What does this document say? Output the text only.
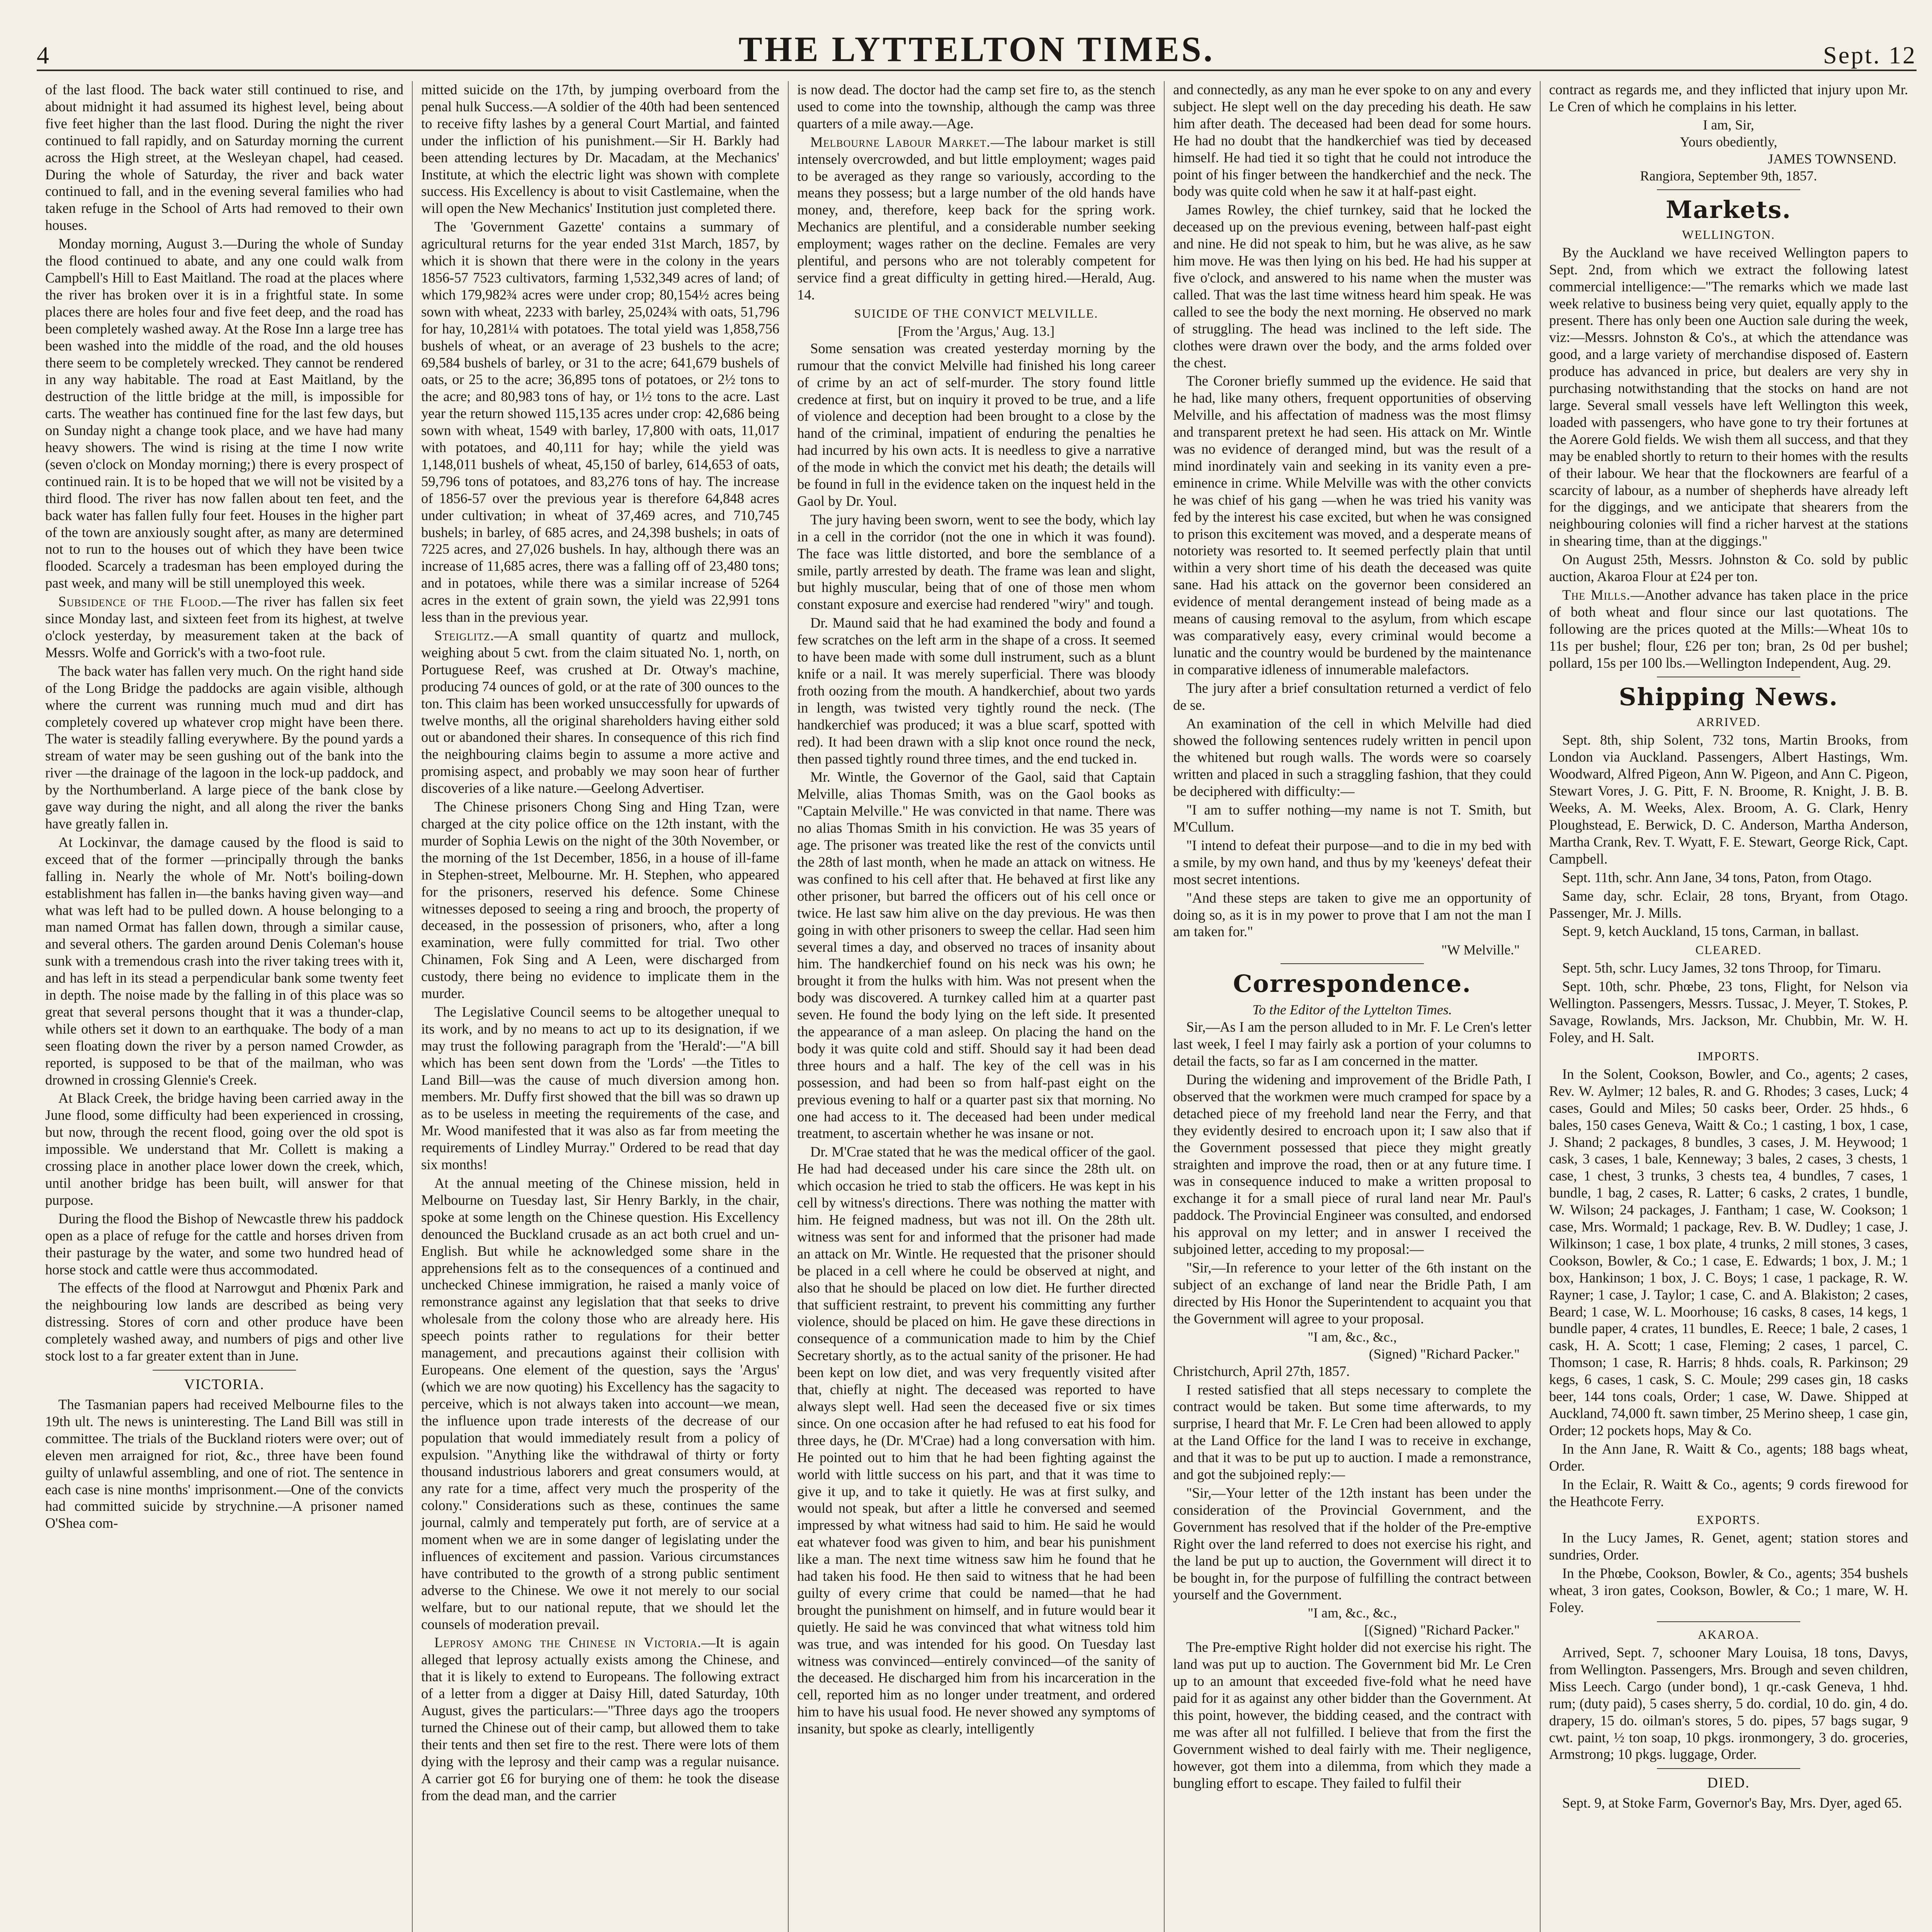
4	THE LYTTELTON TIMES.	Sept. 12

of the last flood. The back water still continued to rise, and about midnight it had assumed its highest level, being about five feet higher than the last flood. During the night the river continued to fall rapidly, and on Saturday morning the current across the High street, at the Wesleyan chapel, had ceased. During the whole of Saturday, the river and back water continued to fall, and in the evening several families who had taken refuge in the School of Arts had removed to their own houses.

Monday morning, August 3.—During the whole of Sunday the flood continued to abate, and any one could walk from Campbell's Hill to East Maitland. The road at the places where the river has broken over it is in a frightful state. In some places there are holes four and five feet deep, and the road has been completely washed away. At the Rose Inn a large tree has been washed into the middle of the road, and the old houses there seem to be completely wrecked. They cannot be rendered in any way habitable. The road at East Maitland, by the destruction of the little bridge at the mill, is impossible for carts. The weather has continued fine for the last few days, but on Sunday night a change took place, and we have had many heavy showers. The wind is rising at the time I now write (seven o'clock on Monday morning;) there is every prospect of continued rain. It is to be hoped that we will not be visited by a third flood. The river has now fallen about ten feet, and the back water has fallen fully four feet. Houses in the higher part of the town are anxiously sought after, as many are determined not to run to the houses out of which they have been twice flooded. Scarcely a tradesman has been employed during the past week, and many will be still unemployed this week.

Subsidence of the Flood.—The river has fallen six feet since Monday last, and sixteen feet from its highest, at twelve o'clock yesterday, by measurement taken at the back of Messrs. Wolfe and Gorrick's with a two-foot rule.

The back water has fallen very much. On the right hand side of the Long Bridge the paddocks are again visible, although where the current was running much mud and dirt has completely covered up whatever crop might have been there. The water is steadily falling everywhere. By the pound yards a stream of water may be seen gushing out of the bank into the river —the drainage of the lagoon in the lock-up paddock, and by the Northumberland. A large piece of the bank close by gave way during the night, and all along the river the banks have greatly fallen in.

At Lockinvar, the damage caused by the flood is said to exceed that of the former —principally through the banks falling in. Nearly the whole of Mr. Nott's boiling-down establishment has fallen in—the banks having given way—and what was left had to be pulled down. A house belonging to a man named Ormat has fallen down, through a similar cause, and several others. The garden around Denis Coleman's house sunk with a tremendous crash into the river taking trees with it, and has left in its stead a perpendicular bank some twenty feet in depth. The noise made by the falling in of this place was so great that several persons thought that it was a thunder-clap, while others set it down to an earthquake. The body of a man seen floating down the river by a person named Crowder, as reported, is supposed to be that of the mailman, who was drowned in crossing Glennie's Creek.

At Black Creek, the bridge having been carried away in the June flood, some difficulty had been experienced in crossing, but now, through the recent flood, going over the old spot is impossible. We understand that Mr. Collett is making a crossing place in another place lower down the creek, which, until another bridge has been built, will answer for that purpose.

During the flood the Bishop of Newcastle threw his paddock open as a place of refuge for the cattle and horses driven from their pasturage by the water, and some two hundred head of horse stock and cattle were thus accommodated.

The effects of the flood at Narrowgut and Phœnix Park and the neighbouring low lands are described as being very distressing. Stores of corn and other produce have been completely washed away, and numbers of pigs and other live stock lost to a far greater extent than in June.

VICTORIA.

The Tasmanian papers had received Melbourne files to the 19th ult. The news is uninteresting. The Land Bill was still in committee. The trials of the Buckland rioters were over; out of eleven men arraigned for riot, &c., three have been found guilty of unlawful assembling, and one of riot. The sentence in each case is nine months' imprisonment.—One of the convicts had committed suicide by strychnine.—A prisoner named O'Shea com-

mitted suicide on the 17th, by jumping overboard from the penal hulk Success.—A soldier of the 40th had been sentenced to receive fifty lashes by a general Court Martial, and fainted under the infliction of his punishment.—Sir H. Barkly had been attending lectures by Dr. Macadam, at the Mechanics' Institute, at which the electric light was shown with complete success. His Excellency is about to visit Castlemaine, when the will open the New Mechanics' Institution just completed there.

The 'Government Gazette' contains a summary of agricultural returns for the year ended 31st March, 1857, by which it is shown that there were in the colony in the years 1856-57 7523 cultivators, farming 1,532,349 acres of land; of which 179,982¾ acres were under crop; 80,154½ acres being sown with wheat, 2233 with barley, 25,024¾ with oats, 51,796 for hay, 10,281¼ with potatoes. The total yield was 1,858,756 bushels of wheat, or an average of 23 bushels to the acre; 69,584 bushels of barley, or 31 to the acre; 641,679 bushels of oats, or 25 to the acre; 36,895 tons of potatoes, or 2½ tons to the acre; and 80,983 tons of hay, or 1½ tons to the acre. Last year the return showed 115,135 acres under crop: 42,686 being sown with wheat, 1549 with barley, 17,800 with oats, 11,017 with potatoes, and 40,111 for hay; while the yield was 1,148,011 bushels of wheat, 45,150 of barley, 614,653 of oats, 59,796 tons of potatoes, and 83,276 tons of hay. The increase of 1856-57 over the previous year is therefore 64,848 acres under cultivation; in wheat of 37,469 acres, and 710,745 bushels; in barley, of 685 acres, and 24,398 bushels; in oats of 7225 acres, and 27,026 bushels. In hay, although there was an increase of 11,685 acres, there was a falling off of 23,480 tons; and in potatoes, while there was a similar increase of 5264 acres in the extent of grain sown, the yield was 22,991 tons less than in the previous year.

Steiglitz.—A small quantity of quartz and mullock, weighing about 5 cwt. from the claim situated No. 1, north, on Portuguese Reef, was crushed at Dr. Otway's machine, producing 74 ounces of gold, or at the rate of 300 ounces to the ton. This claim has been worked unsuccessfully for upwards of twelve months, all the original shareholders having either sold out or abandoned their shares. In consequence of this rich find the neighbouring claims begin to assume a more active and promising aspect, and probably we may soon hear of further discoveries of a like nature.—Geelong Advertiser.

The Chinese prisoners Chong Sing and Hing Tzan, were charged at the city police office on the 12th instant, with the murder of Sophia Lewis on the night of the 30th November, or the morning of the 1st December, 1856, in a house of ill-fame in Stephen-street, Melbourne. Mr. H. Stephen, who appeared for the prisoners, reserved his defence. Some Chinese witnesses deposed to seeing a ring and brooch, the property of deceased, in the possession of prisoners, who, after a long examination, were fully committed for trial. Two other Chinamen, Fok Sing and A Leen, were discharged from custody, there being no evidence to implicate them in the murder.

The Legislative Council seems to be altogether unequal to its work, and by no means to act up to its designation, if we may trust the following paragraph from the 'Herald':—"A bill which has been sent down from the 'Lords' —the Titles to Land Bill—was the cause of much diversion among hon. members. Mr. Duffy first showed that the bill was so drawn up as to be useless in meeting the requirements of the case, and Mr. Wood manifested that it was also as far from meeting the requirements of Lindley Murray." Ordered to be read that day six months!

At the annual meeting of the Chinese mission, held in Melbourne on Tuesday last, Sir Henry Barkly, in the chair, spoke at some length on the Chinese question. His Excellency denounced the Buckland crusade as an act both cruel and un-English. But while he acknowledged some share in the apprehensions felt as to the consequences of a continued and unchecked Chinese immigration, he raised a manly voice of remonstrance against any legislation that that seeks to drive wholesale from the colony those who are already here. His speech points rather to regulations for their better management, and precautions against their collision with Europeans. One element of the question, says the 'Argus' (which we are now quoting) his Excellency has the sagacity to perceive, which is not always taken into account—we mean, the influence upon trade interests of the decrease of our population that would immediately result from a policy of expulsion. "Anything like the withdrawal of thirty or forty thousand industrious laborers and great consumers would, at any rate for a time, affect very much the prosperity of the colony." Considerations such as these, continues the same journal, calmly and temperately put forth, are of service at a moment when we are in some danger of legislating under the influences of excitement and passion. Various circumstances have contributed to the growth of a strong public sentiment adverse to the Chinese. We owe it not merely to our social welfare, but to our national repute, that we should let the counsels of moderation prevail.

Leprosy among the Chinese in Victoria.—It is again alleged that leprosy actually exists among the Chinese, and that it is likely to extend to Europeans. The following extract of a letter from a digger at Daisy Hill, dated Saturday, 10th August, gives the particulars:—"Three days ago the troopers turned the Chinese out of their camp, but allowed them to take their tents and then set fire to the rest. There were lots of them dying with the leprosy and their camp was a regular nuisance. A carrier got £6 for burying one of them: he took the disease from the dead man, and the carrier

is now dead. The doctor had the camp set fire to, as the stench used to come into the township, although the camp was three quarters of a mile away.—Age.

Melbourne Labour Market.—The labour market is still intensely overcrowded, and but little employment; wages paid to be averaged as they range so variously, according to the means they possess; but a large number of the old hands have money, and, therefore, keep back for the spring work. Mechanics are plentiful, and a considerable number seeking employment; wages rather on the decline. Females are very plentiful, and persons who are not tolerably competent for service find a great difficulty in getting hired.—Herald, Aug. 14.

SUICIDE OF THE CONVICT MELVILLE.
[From the 'Argus,' Aug. 13.]

Some sensation was created yesterday morning by the rumour that the convict Melville had finished his long career of crime by an act of self-murder. The story found little credence at first, but on inquiry it proved to be true, and a life of violence and deception had been brought to a close by the hand of the criminal, impatient of enduring the penalties he had incurred by his own acts. It is needless to give a narrative of the mode in which the convict met his death; the details will be found in full in the evidence taken on the inquest held in the Gaol by Dr. Youl.

The jury having been sworn, went to see the body, which lay in a cell in the corridor (not the one in which it was found). The face was little distorted, and bore the semblance of a smile, partly arrested by death. The frame was lean and slight, but highly muscular, being that of one of those men whom constant exposure and exercise had rendered "wiry" and tough.

Dr. Maund said that he had examined the body and found a few scratches on the left arm in the shape of a cross. It seemed to have been made with some dull instrument, such as a blunt knife or a nail. It was merely superficial. There was bloody froth oozing from the mouth. A handkerchief, about two yards in length, was twisted very tightly round the neck. (The handkerchief was produced; it was a blue scarf, spotted with red). It had been drawn with a slip knot once round the neck, then passed tightly round three times, and the end tucked in.

Mr. Wintle, the Governor of the Gaol, said that Captain Melville, alias Thomas Smith, was on the Gaol books as "Captain Melville." He was convicted in that name. There was no alias Thomas Smith in his conviction. He was 35 years of age. The prisoner was treated like the rest of the convicts until the 28th of last month, when he made an attack on witness. He was confined to his cell after that. He behaved at first like any other prisoner, but barred the officers out of his cell once or twice. He last saw him alive on the day previous. He was then going in with other prisoners to sweep the cellar. Had seen him several times a day, and observed no traces of insanity about him. The handkerchief found on his neck was his own; he brought it from the hulks with him. Was not present when the body was discovered. A turnkey called him at a quarter past seven. He found the body lying on the left side. It presented the appearance of a man asleep. On placing the hand on the body it was quite cold and stiff. Should say it had been dead three hours and a half. The key of the cell was in his possession, and had been so from half-past eight on the previous evening to half or a quarter past six that morning. No one had access to it. The deceased had been under medical treatment, to ascertain whether he was insane or not.

Dr. M'Crae stated that he was the medical officer of the gaol. He had had deceased under his care since the 28th ult. on which occasion he tried to stab the officers. He was kept in his cell by witness's directions. There was nothing the matter with him. He feigned madness, but was not ill. On the 28th ult. witness was sent for and informed that the prisoner had made an attack on Mr. Wintle. He requested that the prisoner should be placed in a cell where he could be observed at night, and also that he should be placed on low diet. He further directed that sufficient restraint, to prevent his committing any further violence, should be placed on him. He gave these directions in consequence of a communication made to him by the Chief Secretary shortly, as to the actual sanity of the prisoner. He had been kept on low diet, and was very frequently visited after that, chiefly at night. The deceased was reported to have always slept well. Had seen the deceased five or six times since. On one occasion after he had refused to eat his food for three days, he (Dr. M'Crae) had a long conversation with him. He pointed out to him that he had been fighting against the world with little success on his part, and that it was time to give it up, and to take it quietly. He was at first sulky, and would not speak, but after a little he conversed and seemed impressed by what witness had said to him. He said he would eat whatever food was given to him, and bear his punishment like a man. The next time witness saw him he found that he had taken his food. He then said to witness that he had been guilty of every crime that could be named—that he had brought the punishment on himself, and in future would bear it quietly. He said he was convinced that what witness told him was true, and was intended for his good. On Tuesday last witness was convinced—entirely convinced—of the sanity of the deceased. He discharged him from his incarceration in the cell, reported him as no longer under treatment, and ordered him to have his usual food. He never showed any symptoms of insanity, but spoke as clearly, intelligently

and connectedly, as any man he ever spoke to on any and every subject. He slept well on the day preceding his death. He saw him after death. The deceased had been dead for some hours. He had no doubt that the handkerchief was tied by deceased himself. He had tied it so tight that he could not introduce the point of his finger between the handkerchief and the neck. The body was quite cold when he saw it at half-past eight.

James Rowley, the chief turnkey, said that he locked the deceased up on the previous evening, between half-past eight and nine. He did not speak to him, but he was alive, as he saw him move. He was then lying on his bed. He had his supper at five o'clock, and answered to his name when the muster was called. That was the last time witness heard him speak. He was called to see the body the next morning. He observed no mark of struggling. The head was inclined to the left side. The clothes were drawn over the body, and the arms folded over the chest.

The Coroner briefly summed up the evidence. He said that he had, like many others, frequent opportunities of observing Melville, and his affectation of madness was the most flimsy and transparent pretext he had seen. His attack on Mr. Wintle was no evidence of deranged mind, but was the result of a mind inordinately vain and seeking in its vanity even a pre-eminence in crime. While Melville was with the other convicts he was chief of his gang —when he was tried his vanity was fed by the interest his case excited, but when he was consigned to prison this excitement was moved, and a desperate means of notoriety was resorted to. It seemed perfectly plain that until within a very short time of his death the deceased was quite sane. Had his attack on the governor been considered an evidence of mental derangement instead of being made as a means of causing removal to the asylum, from which escape was comparatively easy, every criminal would become a lunatic and the country would be burdened by the maintenance in comparative idleness of innumerable malefactors.

The jury after a brief consultation returned a verdict of felo de se.

An examination of the cell in which Melville had died showed the following sentences rudely written in pencil upon the whitened but rough walls. The words were so coarsely written and placed in such a straggling fashion, that they could be deciphered with difficulty:—

"I am to suffer nothing—my name is not T. Smith, but M'Cullum.

"I intend to defeat their purpose—and to die in my bed with a smile, by my own hand, and thus by my 'keeneys' defeat their most secret intentions.

"And these steps are taken to give me an opportunity of doing so, as it is in my power to prove that I am not the man I am taken for."

"W Melville."
Correspondence.
To the Editor of the Lyttelton Times.

Sir,—As I am the person alluded to in Mr. F. Le Cren's letter last week, I feel I may fairly ask a portion of your columns to detail the facts, so far as I am concerned in the matter.

During the widening and improvement of the Bridle Path, I observed that the workmen were much cramped for space by a detached piece of my freehold land near the Ferry, and that they evidently desired to encroach upon it; I saw also that if the Government possessed that piece they might greatly straighten and improve the road, then or at any future time. I was in consequence induced to make a written proposal to exchange it for a small piece of rural land near Mr. Paul's paddock. The Provincial Engineer was consulted, and endorsed his approval on my letter; and in answer I received the subjoined letter, acceding to my proposal:—

"Sir,—In reference to your letter of the 6th instant on the subject of an exchange of land near the Bridle Path, I am directed by His Honor the Superintendent to acquaint you that the Government will agree to your proposal.

"I am, &c., &c.,
(Signed) "Richard Packer."

Christchurch, April 27th, 1857.

I rested satisfied that all steps necessary to complete the contract would be taken. But some time afterwards, to my surprise, I heard that Mr. F. Le Cren had been allowed to apply at the Land Office for the land I was to receive in exchange, and that it was to be put up to auction. I made a remonstrance, and got the subjoined reply:—

"Sir,—Your letter of the 12th instant has been under the consideration of the Provincial Government, and the Government has resolved that if the holder of the Pre-emptive Right over the land referred to does not exercise his right, and the land be put up to auction, the Government will direct it to be bought in, for the purpose of fulfilling the contract between yourself and the Government.

"I am, &c., &c.,
[(Signed) "Richard Packer."

The Pre-emptive Right holder did not exercise his right. The land was put up to auction. The Government bid Mr. Le Cren up to an amount that exceeded five-fold what he need have paid for it as against any other bidder than the Government. At this point, however, the bidding ceased, and the contract with me was after all not fulfilled. I believe that from the first the Government wished to deal fairly with me. Their negligence, however, got them into a dilemma, from which they made a bungling effort to escape. They failed to fulfil their

contract as regards me, and they inflicted that injury upon Mr. Le Cren of which he complains in his letter.

I am, Sir,
Yours obediently,
JAMES TOWNSEND.
Rangiora, September 9th, 1857.
Markets.
WELLINGTON.

By the Auckland we have received Wellington papers to Sept. 2nd, from which we extract the following latest commercial intelligence:—"The remarks which we made last week relative to business being very quiet, equally apply to the present. There has only been one Auction sale during the week, viz:—Messrs. Johnston & Co's., at which the attendance was good, and a large variety of merchandise disposed of. Eastern produce has advanced in price, but dealers are very shy in purchasing notwithstanding that the stocks on hand are not large. Several small vessels have left Wellington this week, loaded with passengers, who have gone to try their fortunes at the Aorere Gold fields. We wish them all success, and that they may be enabled shortly to return to their homes with the results of their labour. We hear that the flockowners are fearful of a scarcity of labour, as a number of shepherds have already left for the diggings, and we anticipate that shearers from the neighbouring colonies will find a richer harvest at the stations in shearing time, than at the diggings."

On August 25th, Messrs. Johnston & Co. sold by public auction, Akaroa Flour at £24 per ton.

The Mills.—Another advance has taken place in the price of both wheat and flour since our last quotations. The following are the prices quoted at the Mills:—Wheat 10s to 11s per bushel; flour, £26 per ton; bran, 2s 0d per bushel; pollard, 15s per 100 lbs.—Wellington Independent, Aug. 29.

Shipping News.
ARRIVED.

Sept. 8th, ship Solent, 732 tons, Martin Brooks, from London via Auckland. Passengers, Albert Hastings, Wm. Woodward, Alfred Pigeon, Ann W. Pigeon, and Ann C. Pigeon, Stewart Vores, J. G. Pitt, F. N. Broome, R. Knight, J. B. B. Weeks, A. M. Weeks, Alex. Broom, A. G. Clark, Henry Ploughstead, E. Berwick, D. C. Anderson, Martha Anderson, Martha Crank, Rev. T. Wyatt, F. E. Stewart, George Rick, Capt. Campbell.

Sept. 11th, schr. Ann Jane, 34 tons, Paton, from Otago.

Same day, schr. Eclair, 28 tons, Bryant, from Otago. Passenger, Mr. J. Mills.

Sept. 9, ketch Auckland, 15 tons, Carman, in ballast.

CLEARED.

Sept. 5th, schr. Lucy James, 32 tons Throop, for Timaru.

Sept. 10th, schr. Phœbe, 23 tons, Flight, for Nelson via Wellington. Passengers, Messrs. Tussac, J. Meyer, T. Stokes, P. Savage, Rowlands, Mrs. Jackson, Mr. Chubbin, Mr. W. H. Foley, and H. Salt.

IMPORTS.

In the Solent, Cookson, Bowler, and Co., agents; 2 cases, Rev. W. Aylmer; 12 bales, R. and G. Rhodes; 3 cases, Luck; 4 cases, Gould and Miles; 50 casks beer, Order. 25 hhds., 6 bales, 150 cases Geneva, Waitt & Co.; 1 casting, 1 box, 1 case, J. Shand; 2 packages, 8 bundles, 3 cases, J. M. Heywood; 1 cask, 3 cases, 1 bale, Kenneway; 3 bales, 2 cases, 3 chests, 1 case, 1 chest, 3 trunks, 3 chests tea, 4 bundles, 7 cases, 1 bundle, 1 bag, 2 cases, R. Latter; 6 casks, 2 crates, 1 bundle, W. Wilson; 24 packages, J. Fantham; 1 case, W. Cookson; 1 case, Mrs. Wormald; 1 package, Rev. B. W. Dudley; 1 case, J. Wilkinson; 1 case, 1 box plate, 4 trunks, 2 mill stones, 3 cases, Cookson, Bowler, & Co.; 1 case, E. Edwards; 1 box, J. M.; 1 box, Hankinson; 1 box, J. C. Boys; 1 case, 1 package, R. W. Rayner; 1 case, J. Taylor; 1 case, C. and A. Blakiston; 2 cases, Beard; 1 case, W. L. Moorhouse; 16 casks, 8 cases, 14 kegs, 1 bundle paper, 4 crates, 11 bundles, E. Reece; 1 bale, 2 cases, 1 cask, H. A. Scott; 1 case, Fleming; 2 cases, 1 parcel, C. Thomson; 1 case, R. Harris; 8 hhds. coals, R. Parkinson; 29 kegs, 6 cases, 1 cask, S. C. Moule; 299 cases gin, 18 casks beer, 144 tons coals, Order; 1 case, W. Dawe. Shipped at Auckland, 74,000 ft. sawn timber, 25 Merino sheep, 1 case gin, Order; 12 pockets hops, May & Co.

In the Ann Jane, R. Waitt & Co., agents; 188 bags wheat, Order.

In the Eclair, R. Waitt & Co., agents; 9 cords firewood for the Heathcote Ferry.

EXPORTS.

In the Lucy James, R. Genet, agent; station stores and sundries, Order.

In the Phœbe, Cookson, Bowler, & Co., agents; 354 bushels wheat, 3 iron gates, Cookson, Bowler, & Co.; 1 mare, W. H. Foley.

AKAROA.

Arrived, Sept. 7, schooner Mary Louisa, 18 tons, Davys, from Wellington. Passengers, Mrs. Brough and seven children, Miss Leech. Cargo (under bond), 1 qr.-cask Geneva, 1 hhd. rum; (duty paid), 5 cases sherry, 5 do. cordial, 10 do. gin, 4 do. drapery, 15 do. oilman's stores, 5 do. pipes, 57 bags sugar, 9 cwt. paint, ½ ton soap, 10 pkgs. ironmongery, 3 do. groceries, Armstrong; 10 pkgs. luggage, Order.

DIED.

Sept. 9, at Stoke Farm, Governor's Bay, Mrs. Dyer, aged 65.
